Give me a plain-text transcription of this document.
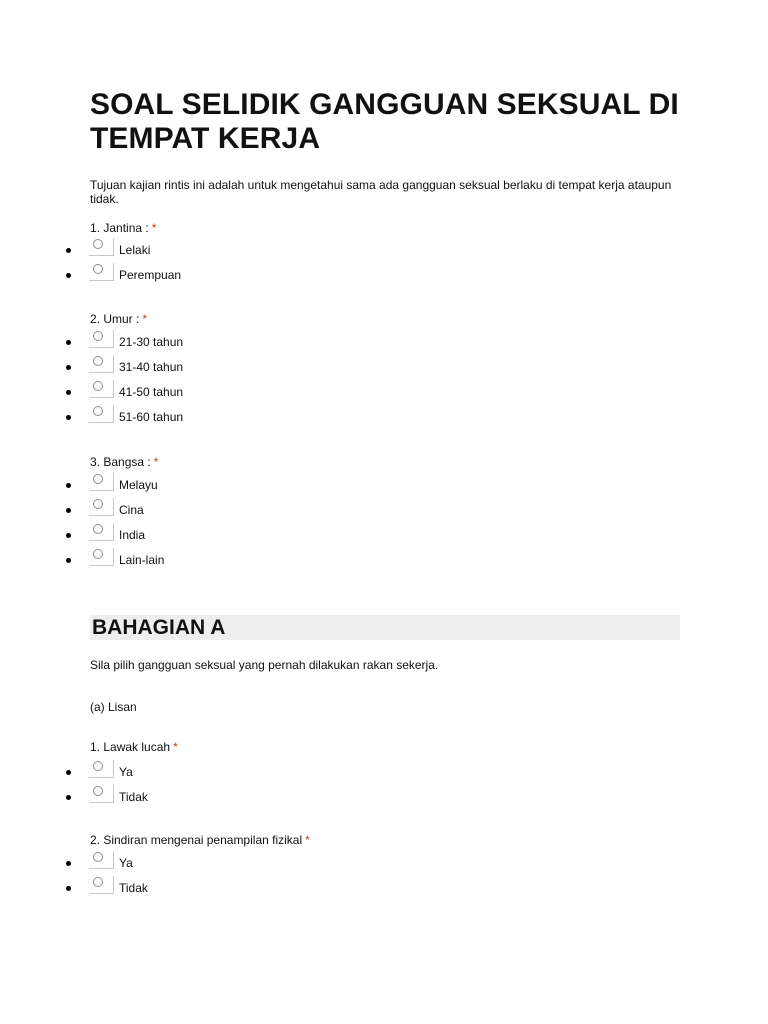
SOAL SELIDIK GANGGUAN SEKSUAL DI TEMPAT KERJA

Tujuan kajian rintis ini adalah untuk mengetahui sama ada gangguan seksual berlaku di tempat kerja ataupun tidak.

1. Jantina : *

Lelaki
Perempuan

2. Umur : *

21-30 tahun
31-40 tahun
41-50 tahun
51-60 tahun

3. Bangsa : *

Melayu
Cina
India
Lain-lain
BAHAGIAN A

Sila pilih gangguan seksual yang pernah dilakukan rakan sekerja.

(a) Lisan

1. Lawak lucah *

Ya
Tidak

2. Sindiran mengenai penampilan fizikal *

Ya
Tidak
